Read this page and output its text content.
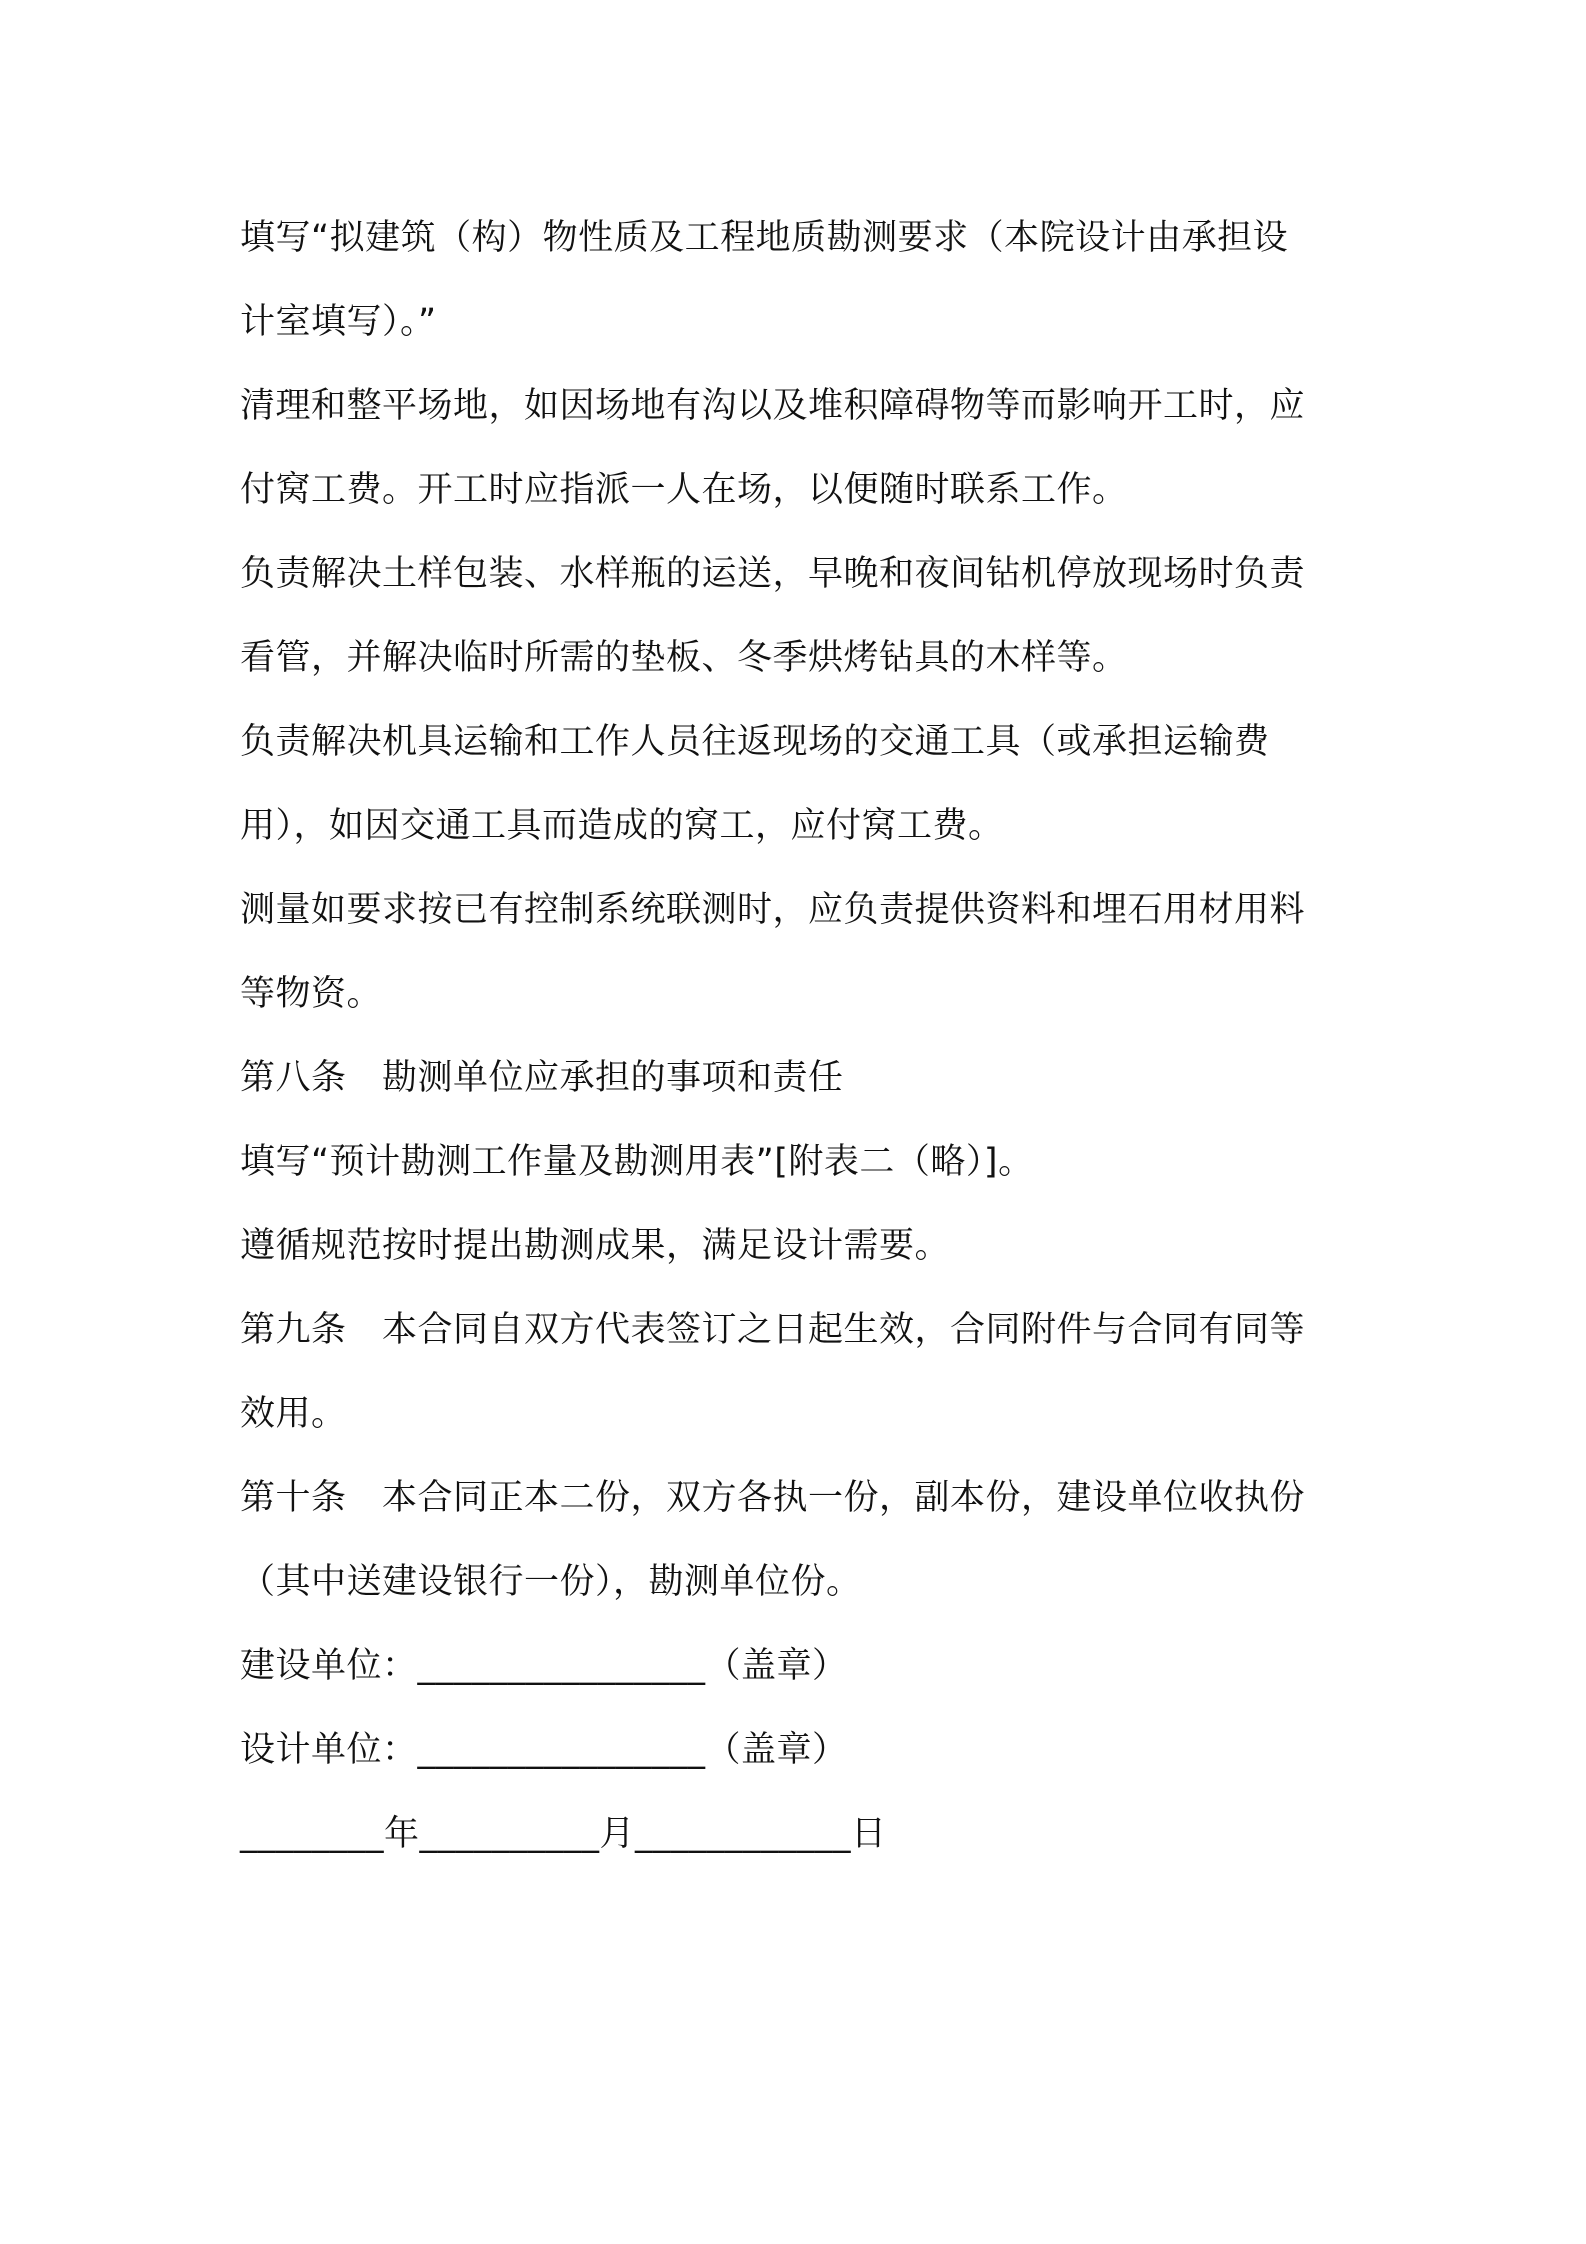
填写“拟建筑（构）物性质及工程地质勘测要求（本院设计由承担设
计室填写）。”
清理和整平场地，如因场地有沟以及堆积障碍物等而影响开工时，应
付窝工费。开工时应指派一人在场，以便随时联系工作。
负责解决土样包装、水样瓶的运送，早晚和夜间钻机停放现场时负责
看管，并解决临时所需的垫板、冬季烘烤钻具的木样等。
负责解决机具运输和工作人员往返现场的交通工具（或承担运输费
用），如因交通工具而造成的窝工，应付窝工费。
测量如要求按已有控制系统联测时，应负责提供资料和埋石用材用料
等物资。
第八条　勘测单位应承担的事项和责任
填写“预计勘测工作量及勘测用表”[附表二（略）]。
遵循规范按时提出勘测成果，满足设计需要。
第九条　本合同自双方代表签订之日起生效，合同附件与合同有同等
效用。
第十条　本合同正本二份，双方各执一份，副本份，建设单位收执份
（其中送建设银行一份），勘测单位份。
建设单位：________________（盖章）
设计单位：________________（盖章）
________年__________月____________日
